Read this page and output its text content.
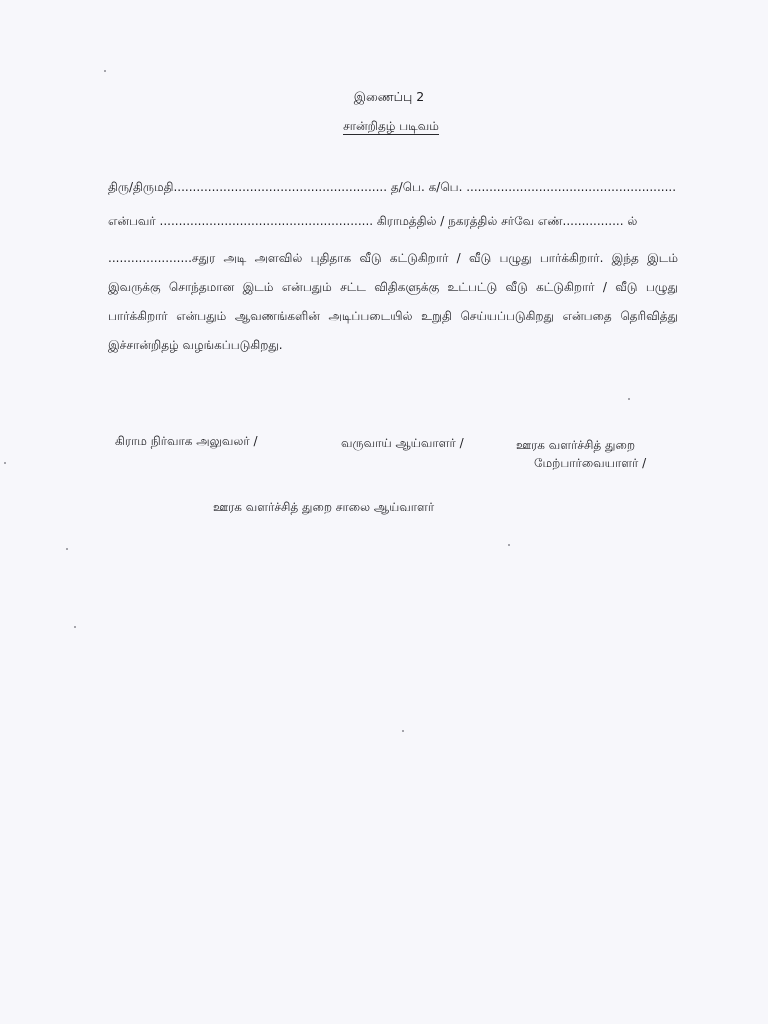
இணைப்பு 2
சான்றிதழ் படிவம்
திரு/திருமதி........................................................ த/பெ. க/பெ. .......................................................
என்பவர் ........................................................ கிராமத்தில் / நகரத்தில் சர்வே எண்................ ல்
......................சதுர அடி அளவில் புதிதாக வீடு கட்டுகிறார் / வீடு பழுது பார்க்கிறார். இந்த இடம் இவருக்கு சொந்தமான இடம் என்பதும் சட்ட விதிகளுக்கு உட்பட்டு வீடு கட்டுகிறார் / வீடு பழுது பார்க்கிறார் என்பதும் ஆவணங்களின் அடிப்படையில் உறுதி செய்யப்படுகிறது என்பதை தெரிவித்து இச்சான்றிதழ் வழங்கப்படுகிறது.
கிராம நிர்வாக அலுவலர் /	வருவாய் ஆய்வாளர் /	ஊரக வளர்ச்சித் துறை
மேற்பார்வையாளர் /
ஊரக வளர்ச்சித் துறை சாலை ஆய்வாளர்
